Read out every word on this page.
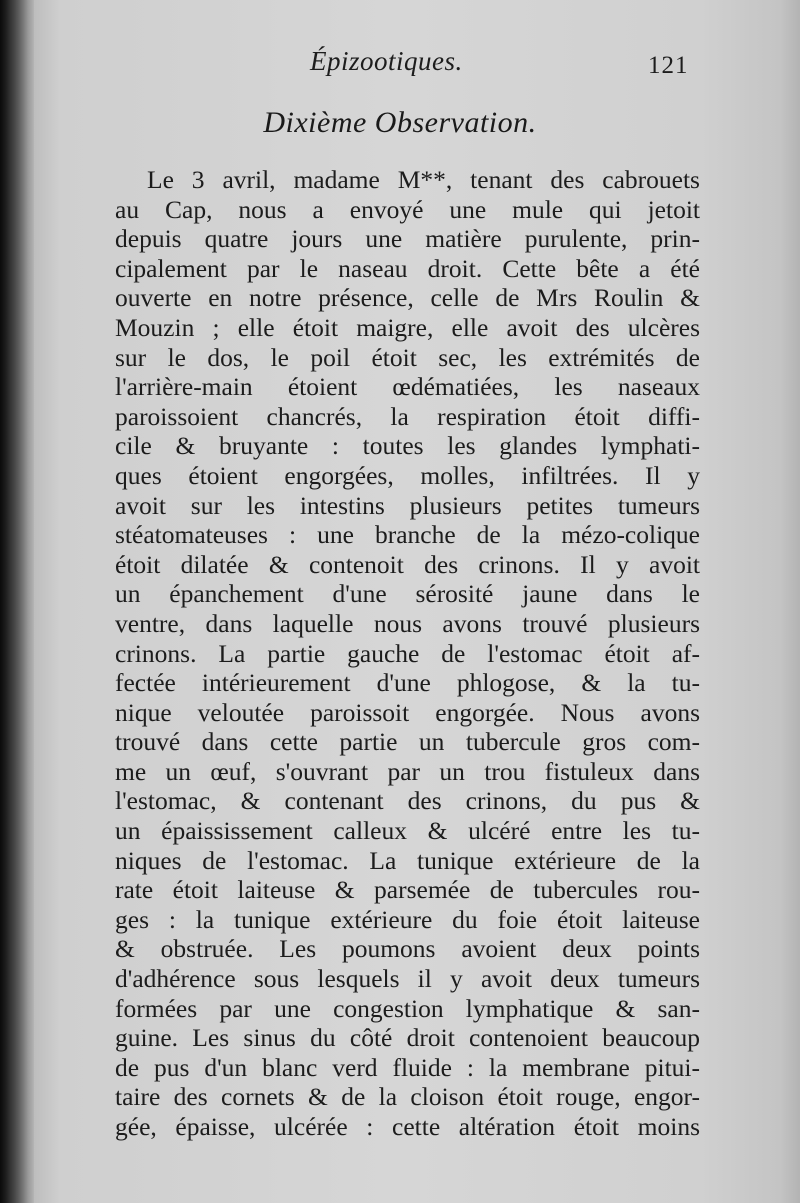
Épizootiques.	121
Dixième Observation.
Le 3 avril, madame M**, tenant des cabrouets
au Cap, nous a envoyé une mule qui jetoit
depuis quatre jours une matière purulente, prin-
cipalement par le naseau droit. Cette bête a été
ouverte en notre présence, celle de Mrs Roulin &
Mouzin ; elle étoit maigre, elle avoit des ulcères
sur le dos, le poil étoit sec, les extrémités de
l'arrière-main étoient œdématiées, les naseaux
paroissoient chancrés, la respiration étoit diffi-
cile & bruyante : toutes les glandes lymphati-
ques étoient engorgées, molles, infiltrées. Il y
avoit sur les intestins plusieurs petites tumeurs
stéatomateuses : une branche de la mézo-colique
étoit dilatée & contenoit des crinons. Il y avoit
un épanchement d'une sérosité jaune dans le
ventre, dans laquelle nous avons trouvé plusieurs
crinons. La partie gauche de l'estomac étoit af-
fectée intérieurement d'une phlogose, & la tu-
nique veloutée paroissoit engorgée. Nous avons
trouvé dans cette partie un tubercule gros com-
me un œuf, s'ouvrant par un trou fistuleux dans
l'estomac, & contenant des crinons, du pus &
un épaississement calleux & ulcéré entre les tu-
niques de l'estomac. La tunique extérieure de la
rate étoit laiteuse & parsemée de tubercules rou-
ges : la tunique extérieure du foie étoit laiteuse
& obstruée. Les poumons avoient deux points
d'adhérence sous lesquels il y avoit deux tumeurs
formées par une congestion lymphatique & san-
guine. Les sinus du côté droit contenoient beaucoup
de pus d'un blanc verd fluide : la membrane pitui-
taire des cornets & de la cloison étoit rouge, engor-
gée, épaisse, ulcérée : cette altération étoit moins
